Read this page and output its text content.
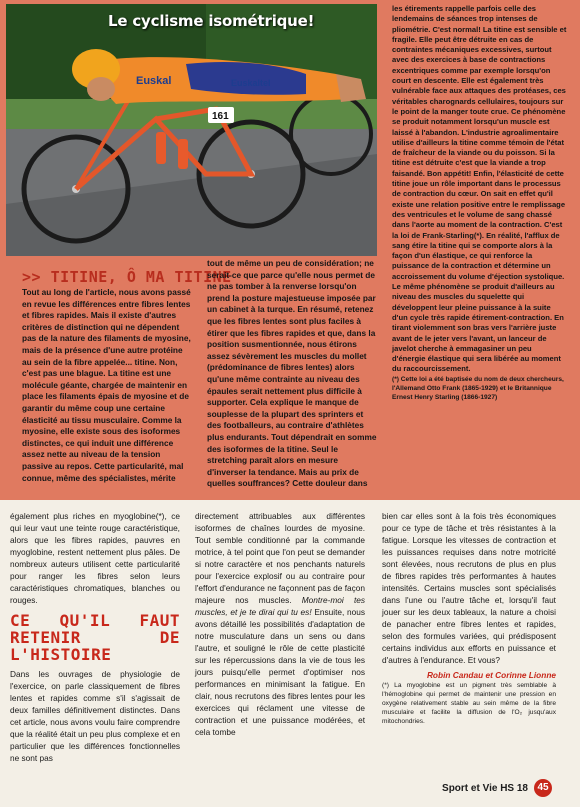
Euskal	Euskaltel
161
Le cyclisme isométrique!
>> TITINE, Ô MA TITINE

Tout au long de l'article, nous avons passé en revue les différences entre fibres lentes et fibres rapides. Mais il existe d'autres critères de distinction qui ne dépendent pas de la nature des filaments de myosine, mais de la présence d'une autre protéine au sein de la fibre appelée... titine. Non, c'est pas une blague. La titine est une molécule géante, chargée de maintenir en place les filaments épais de myosine et de garantir du même coup une certaine élasticité au tissu musculaire. Comme la myosine, elle existe sous des isoformes distinctes, ce qui induit une différence assez nette au niveau de la tension passive au repos. Cette particularité, mal connue, même des spécialistes, mérite

tout de même un peu de considération; ne serait-ce que parce qu'elle nous permet de ne pas tomber à la renverse lorsqu'on prend la posture majestueuse imposée par un cabinet à la turque. En résumé, retenez que les fibres lentes sont plus faciles à étirer que les fibres rapides et que, dans la position susmentionnée, nous étirons assez sévèrement les muscles du mollet (prédominance de fibres lentes) alors qu'une même contrainte au niveau des épaules serait nettement plus difficile à supporter. Cela explique le manque de souplesse de la plupart des sprinters et des footballeurs, au contraire d'athlètes plus endurants. Tout dépendrait en somme des isoformes de la titine. Seul le stretching paraît alors en mesure d'inverser la tendance. Mais au prix de quelles souffrances? Cette douleur dans

les étirements rappelle parfois celle des lendemains de séances trop intenses de pliométrie. C'est normal! La titine est sensible et fragile. Elle peut être détruite en cas de contraintes mécaniques excessives, surtout avec des exercices à base de contractions excentriques comme par exemple lorsqu'on court en descente. Elle est également très vulnérable face aux attaques des protéases, ces véritables charognards cellulaires, toujours sur le point de la manger toute crue. Ce phénomène se produit notamment lorsqu'un muscle est laissé à l'abandon. L'industrie agroalimentaire utilise d'ailleurs la titine comme témoin de l'état de fraîcheur de la viande ou du poisson. Si la titine est détruite c'est que la viande a trop faisandé. Bon appétit! Enfin, l'élasticité de cette titine joue un rôle important dans le processus de contraction du cœur. On sait en effet qu'il existe une relation positive entre le remplissage des ventricules et le volume de sang chassé dans l'aorte au moment de la contraction. C'est la loi de Frank-Starling(*). En réalité, l'afflux de sang étire la titine qui se comporte alors à la façon d'un élastique, ce qui renforce la puissance de la contraction et détermine un accroissement du volume d'éjection systolique. Le même phénomène se produit d'ailleurs au niveau des muscles du squelette qui développent leur pleine puissance à la suite d'un cycle très rapide étirement-contraction. En tirant violemment son bras vers l'arrière juste avant de le jeter vers l'avant, un lanceur de javelot cherche à emmagasiner un peu d'énergie élastique qui sera libérée au moment du raccourcissement.

(*) Cette loi a été baptisée du nom de deux chercheurs, l'Allemand Otto Frank (1865-1929) et le Britannique Ernest Henry Starling (1866-1927)

également plus riches en myoglobine(*), ce qui leur vaut une teinte rouge caractéristique, alors que les fibres rapides, pauvres en myoglobine, restent nettement plus pâles. De nombreux auteurs utilisent cette particularité pour ranger les fibres selon leurs caractéristiques chromatiques, blanches ou rouges.

CE QU'IL FAUT RETENIR DE L'HISTOIRE

Dans les ouvrages de physiologie de l'exercice, on parle classiquement de fibres lentes et rapides comme s'il s'agissait de deux familles définitivement distinctes. Dans cet article, nous avons voulu faire comprendre que la réalité était un peu plus complexe et en particulier que les différences fonctionnelles ne sont pas

directement attribuables aux différentes isoformes de chaînes lourdes de myosine. Tout semble conditionné par la commande motrice, à tel point que l'on peut se demander si notre caractère et nos penchants naturels pour l'exercice explosif ou au contraire pour l'effort d'endurance ne façonnent pas de façon majeure nos muscles. Montre-moi tes muscles, et je te dirai qui tu es! Ensuite, nous avons détaillé les possibilités d'adaptation de notre musculature dans un sens ou dans l'autre, et souligné le rôle de cette plasticité sur les répercussions dans la vie de tous les jours puisqu'elle permet d'optimiser nos performances en minimisant la fatigue. En clair, nous recrutons des fibres lentes pour les exercices qui réclament une vitesse de contraction et une puissance modérées, et cela tombe

bien car elles sont à la fois très économiques pour ce type de tâche et très résistantes à la fatigue. Lorsque les vitesses de contraction et les puissances requises dans notre motricité sont élevées, nous recrutons de plus en plus de fibres rapides très performantes à hautes intensités. Certains muscles sont spécialisés dans l'une ou l'autre tâche et, lorsqu'il faut jouer sur les deux tableaux, la nature a choisi de panacher entre fibres lentes et rapides, selon des formules variées, qui prédisposent certains individus aux efforts en puissance et d'autres à l'endurance. Et vous?

Robin Candau et Corinne Lionne

(*) La myoglobine est un pigment très semblable à l'hémoglobine qui permet de maintenir une pression en oxygène relativement stable au sein même de la fibre musculaire et facilite la diffusion de l'O₂ jusqu'aux mitochondries.

Sport et Vie HS 18 45
